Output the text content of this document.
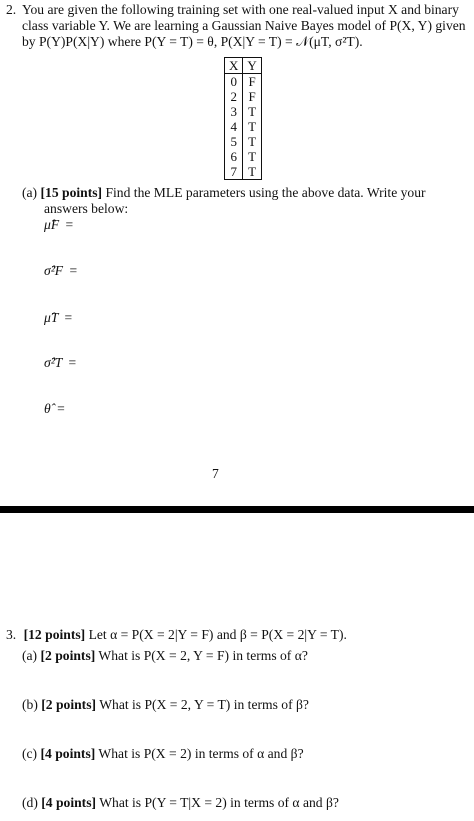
2. You are given the following training set with one real-valued input X and binary
class variable Y. We are learning a Gaussian Naive Bayes model of P(X, Y) given
by P(Y)P(X|Y) where P(Y = T) = θ, P(X|Y = T) = 𝒩(μT, σ²T).
X	Y
0	F
2	F
3	T
4	T
5	T
6	T
7	T
(a) [15 points] Find the MLE parameters using the above data. Write your
answers below:
μ̂F =
σ̂²F =
μ̂T =
σ̂²T =
θ̂ =
7
3. [12 points] Let α = P(X = 2|Y = F) and β = P(X = 2|Y = T).
(a) [2 points] What is P(X = 2, Y = F) in terms of α?
(b) [2 points] What is P(X = 2, Y = T) in terms of β?
(c) [4 points] What is P(X = 2) in terms of α and β?
(d) [4 points] What is P(Y = T|X = 2) in terms of α and β?
